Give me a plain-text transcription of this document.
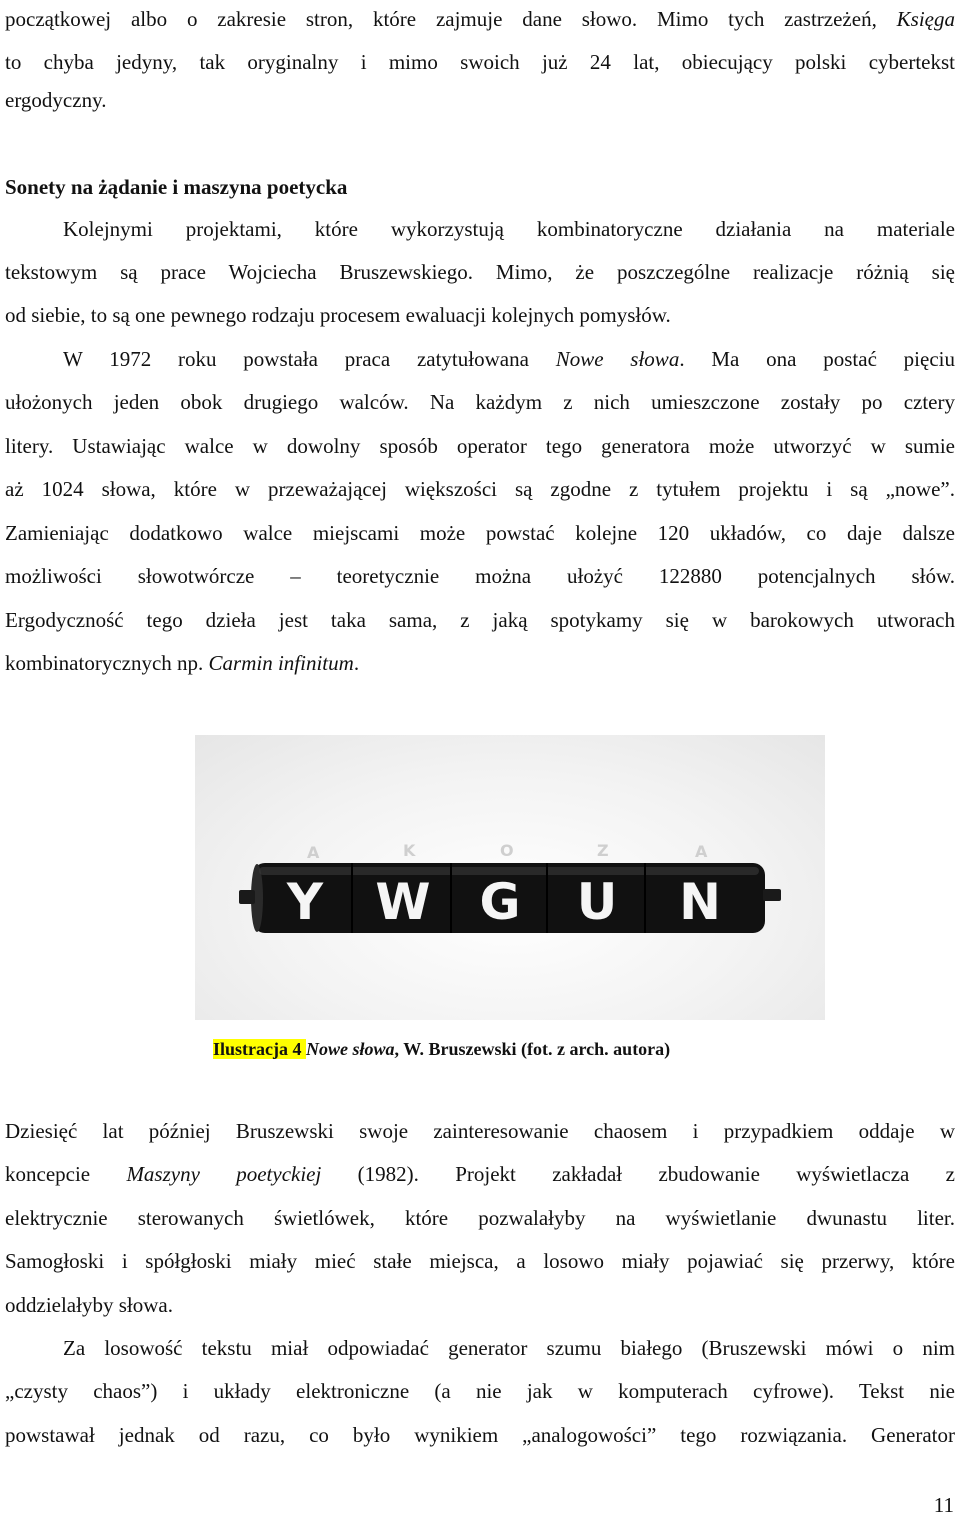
początkowej albo o zakresie stron, które zajmuje dane słowo. Mimo tych zastrzeżeń, Księga
to chyba jedyny, tak oryginalny i mimo swoich już 24 lat, obiecujący polski cybertekst
ergodyczny.
Sonety na żądanie i maszyna poetycka
Kolejnymi projektami, które wykorzystują kombinatoryczne działania na materiale
tekstowym są prace Wojciecha Bruszewskiego. Mimo, że poszczególne realizacje różnią się
od siebie, to są one pewnego rodzaju procesem ewaluacji kolejnych pomysłów.
W 1972 roku powstała praca zatytułowana Nowe słowa. Ma ona postać pięciu
ułożonych jeden obok drugiego walców. Na każdym z nich umieszczone zostały po cztery
litery. Ustawiając walce w dowolny sposób operator tego generatora może utworzyć w sumie
aż 1024 słowa, które w przeważającej większości są zgodne z tytułem projektu i są „nowe”.
Zamieniając dodatkowo walce miejscami może powstać kolejne 120 układów, co daje dalsze
możliwości słowotwórcze – teoretycznie można ułożyć 122880 potencjalnych słów.
Ergodyczność tego dzieła jest taka sama, z jaką spotykamy się w barokowych utworach
kombinatorycznych np. Carmin infinitum.
A	K	O	Z	A
Y W G U N
Ilustracja 4 Nowe słowa, W. Bruszewski (fot. z arch. autora)
Dziesięć lat później Bruszewski swoje zainteresowanie chaosem i przypadkiem oddaje w
koncepcie Maszyny poetyckiej (1982). Projekt zakładał zbudowanie wyświetlacza z
elektrycznie sterowanych świetlówek, które pozwalałyby na wyświetlanie dwunastu liter.
Samogłoski i spółgłoski miały mieć stałe miejsca, a losowo miały pojawiać się przerwy, które
oddzielałyby słowa.
Za losowość tekstu miał odpowiadać generator szumu białego (Bruszewski mówi o nim
„czysty chaos”) i układy elektroniczne (a nie jak w komputerach cyfrowe). Tekst nie
powstawał jednak od razu, co było wynikiem „analogowości” tego rozwiązania. Generator
11
